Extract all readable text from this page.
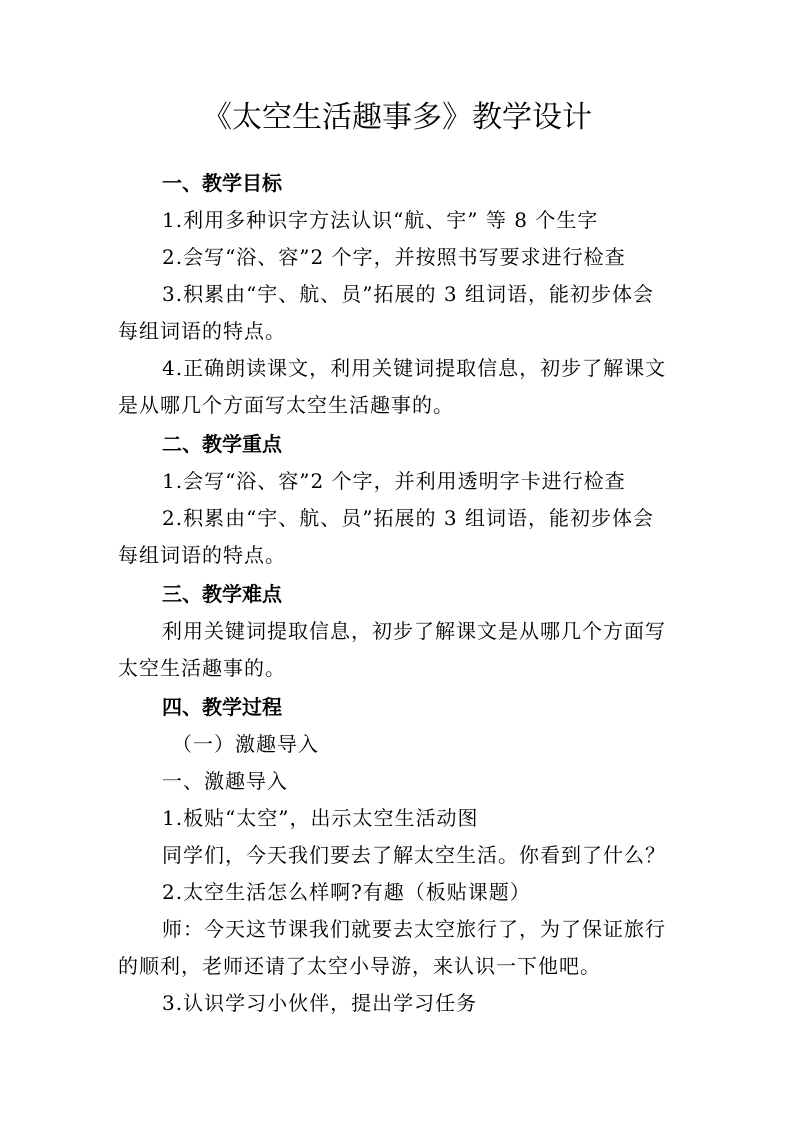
《太空生活趣事多》教学设计
一、教学目标
1.利用多种识字方法认识“航、宇” 等 8 个生字
2.会写“浴、容”2 个字，并按照书写要求进行检查
3.积累由“宇、航、员”拓展的 3 组词语，能初步体会
每组词语的特点。
4.正确朗读课文，利用关键词提取信息，初步了解课文
是从哪几个方面写太空生活趣事的。
二、教学重点
1.会写“浴、容”2 个字，并利用透明字卡进行检查
2.积累由“宇、航、员”拓展的 3 组词语，能初步体会
每组词语的特点。
三、教学难点
利用关键词提取信息，初步了解课文是从哪几个方面写
太空生活趣事的。
四、教学过程
（一）激趣导入
一、激趣导入
1.板贴“太空”，出示太空生活动图
同学们，今天我们要去了解太空生活。你看到了什么？
2.太空生活怎么样啊?有趣（板贴课题）
师：今天这节课我们就要去太空旅行了，为了保证旅行
的顺利，老师还请了太空小导游，来认识一下他吧。
3.认识学习小伙伴，提出学习任务
